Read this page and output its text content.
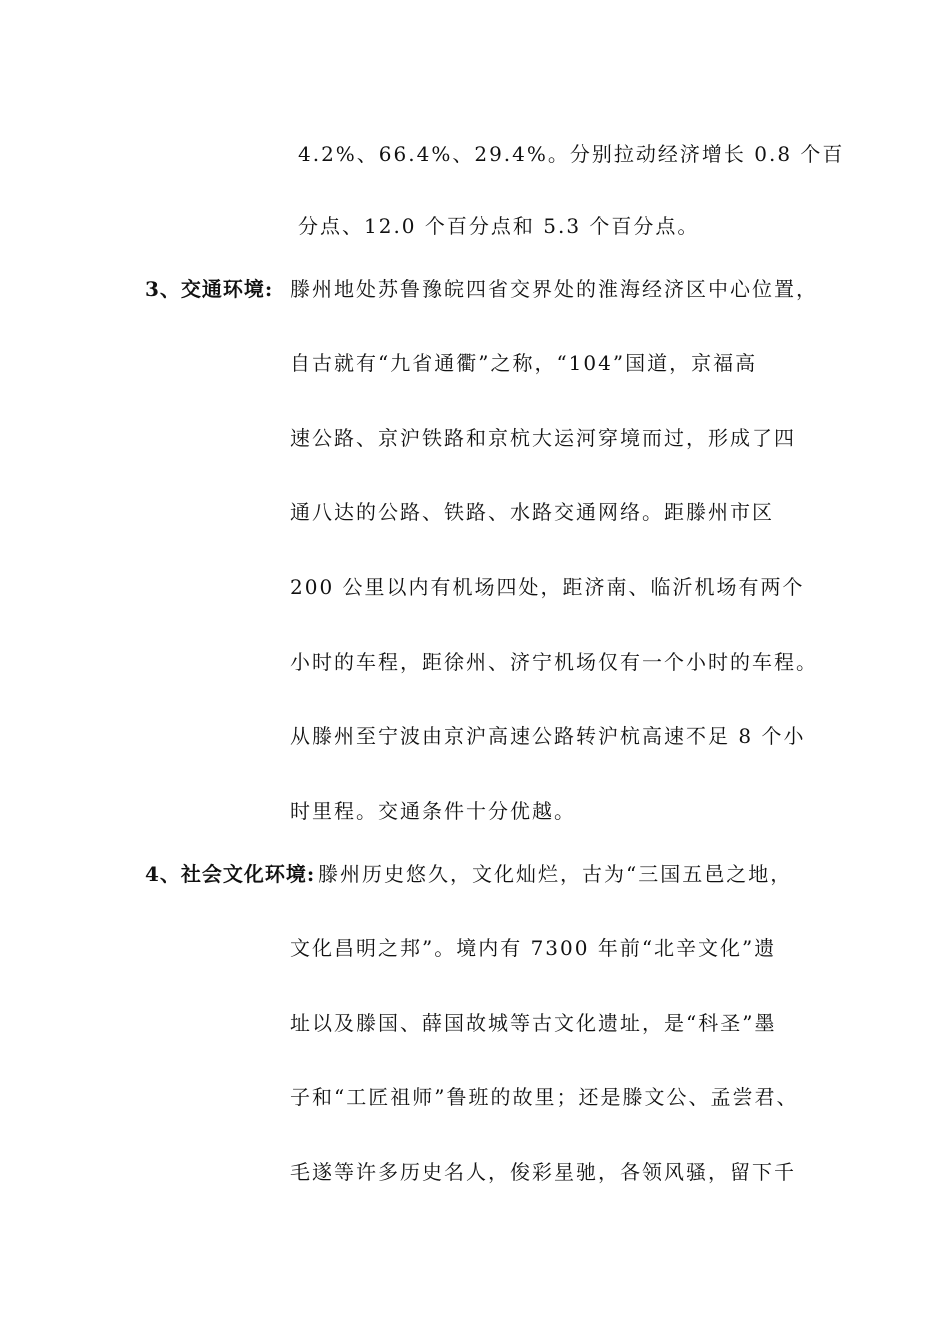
4.2%、66.4%、29.4%。分别拉动经济增长 0.8 个百
分点、12.0 个百分点和 5.3 个百分点。
3、交通环境: 滕州地处苏鲁豫皖四省交界处的淮海经济区中心位置，
自古就有“九省通衢”之称，“104”国道，京福高
速公路、京沪铁路和京杭大运河穿境而过，形成了四
通八达的公路、铁路、水路交通网络。距滕州市区
200 公里以内有机场四处，距济南、临沂机场有两个
小时的车程，距徐州、济宁机场仅有一个小时的车程。
从滕州至宁波由京沪高速公路转沪杭高速不足 8 个小
时里程。交通条件十分优越。
4、社会文化环境: 滕州历史悠久，文化灿烂，古为“三国五邑之地，
文化昌明之邦”。境内有 7300 年前“北辛文化”遗
址以及滕国、薛国故城等古文化遗址，是“科圣”墨
子和“工匠祖师”鲁班的故里；还是滕文公、孟尝君、
毛遂等许多历史名人，俊彩星驰，各领风骚，留下千
